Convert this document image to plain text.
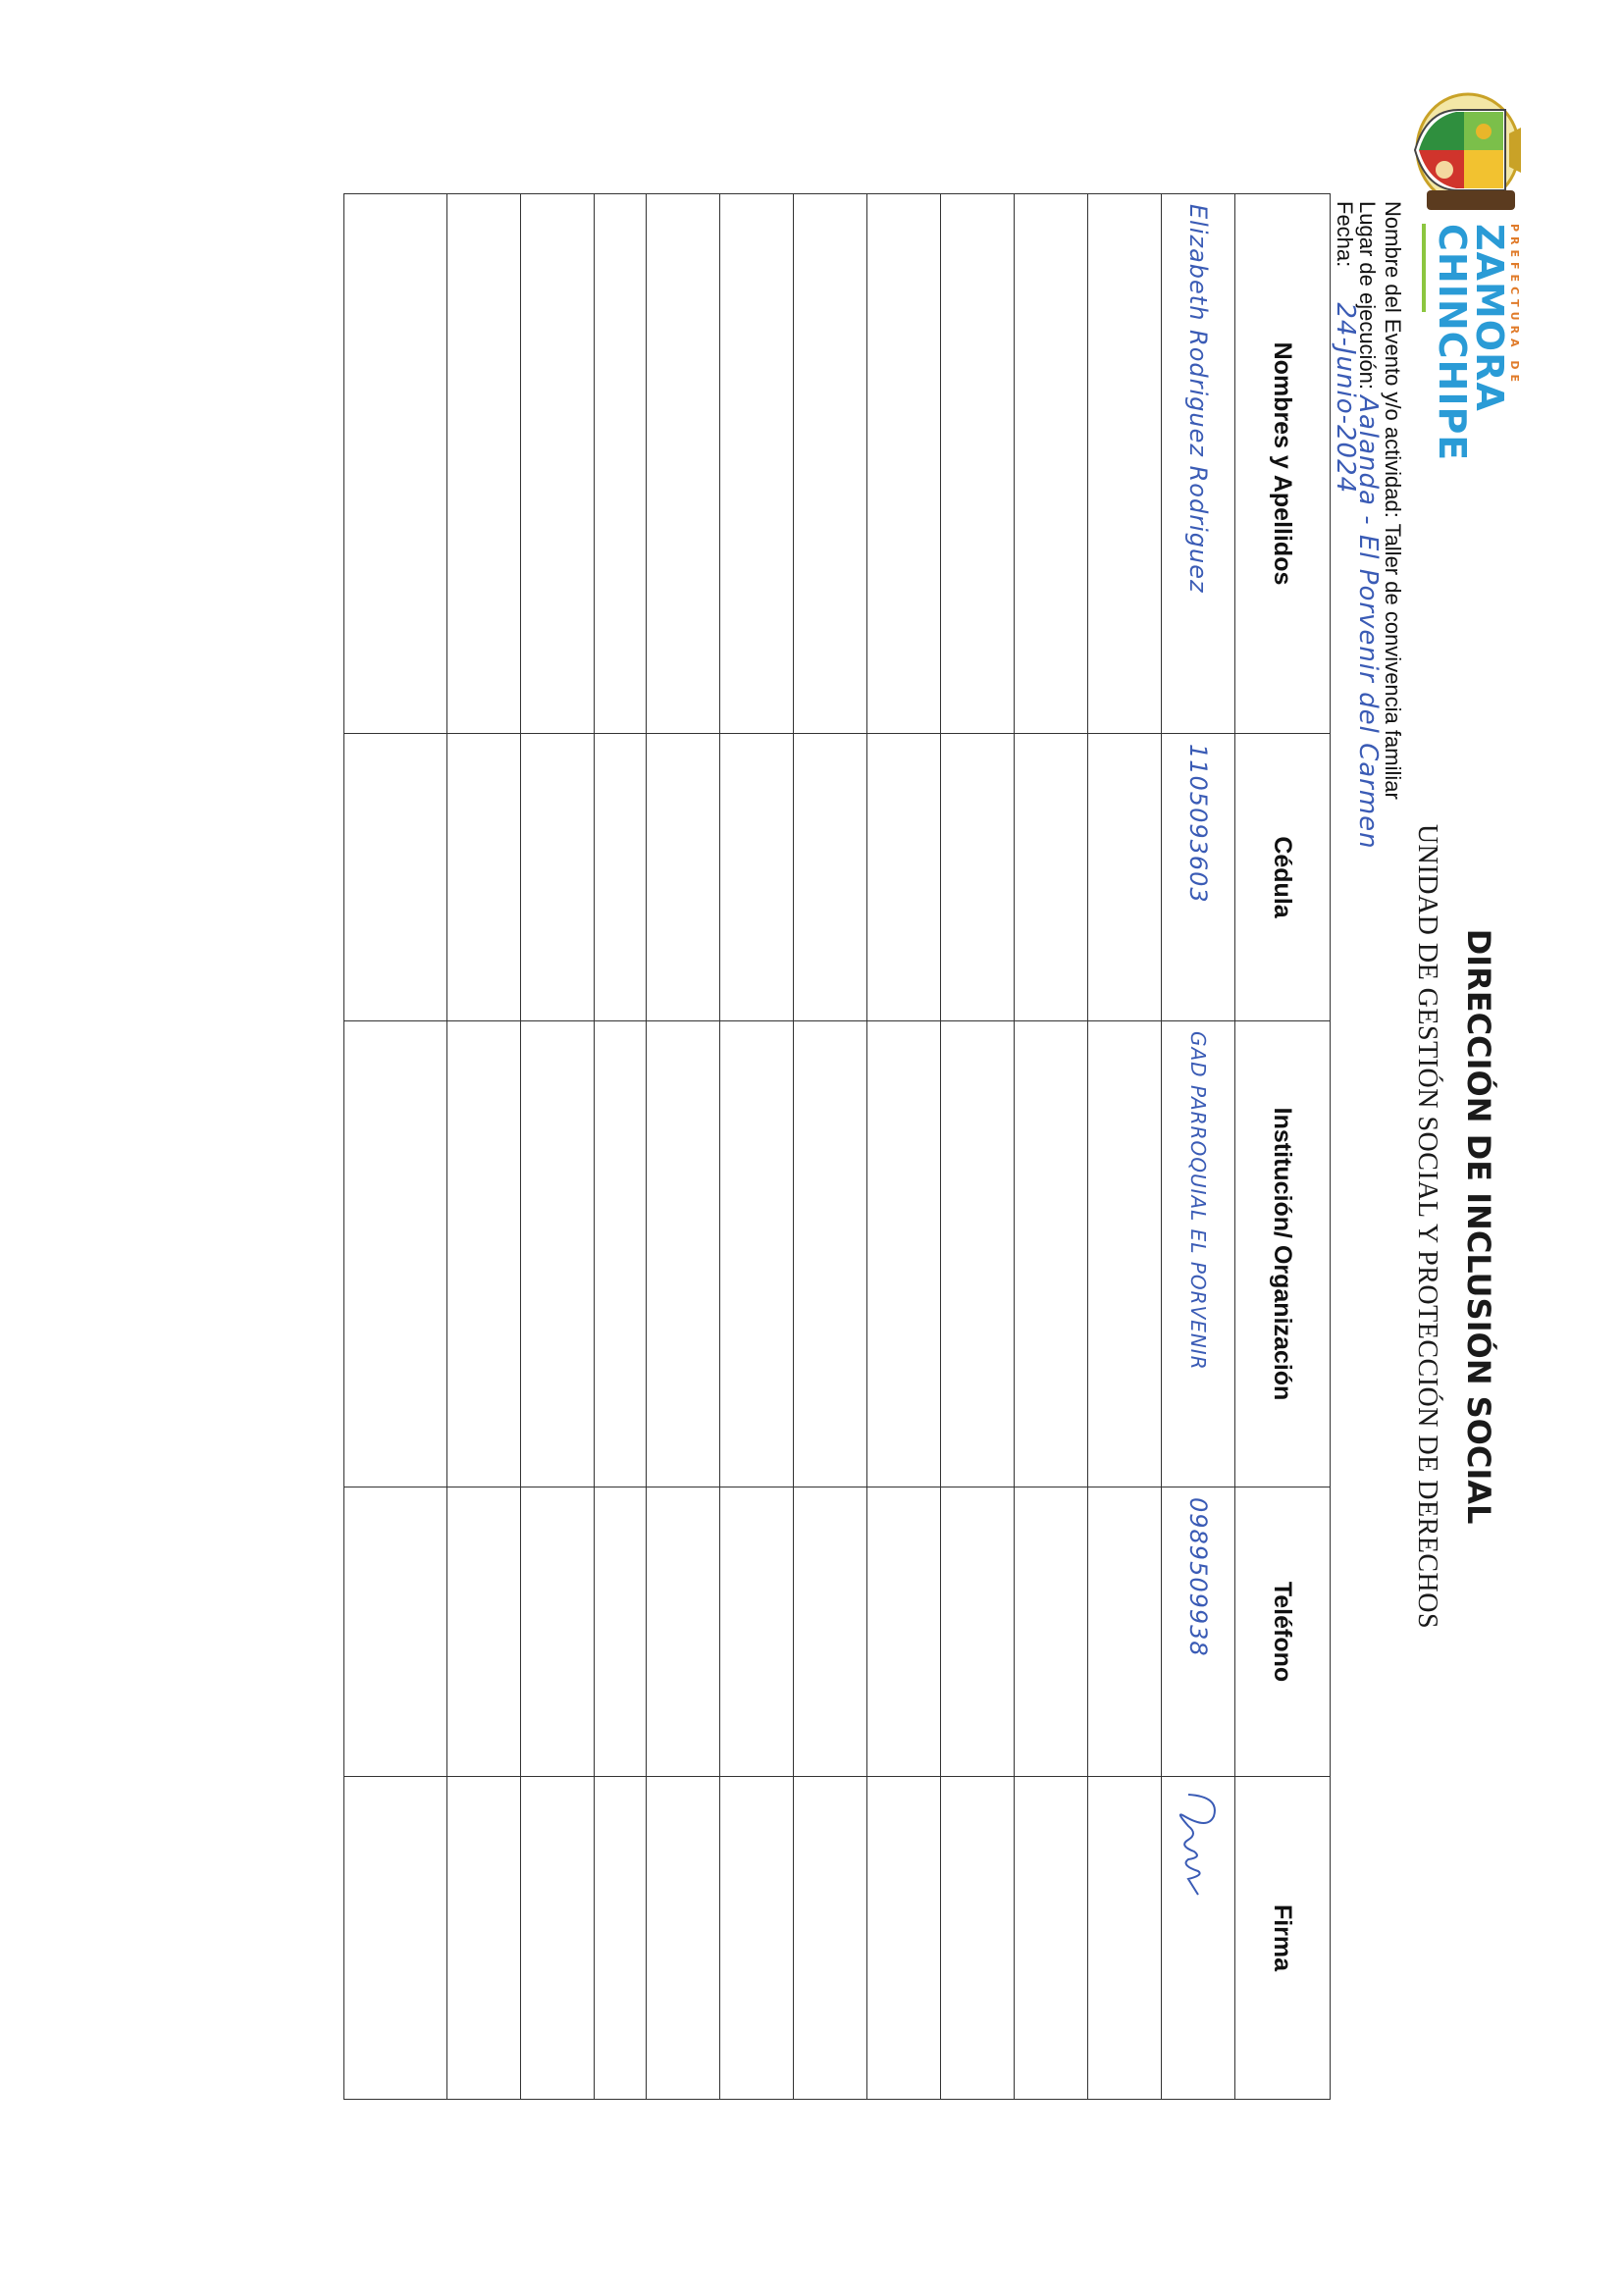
PREFECTURA DE
ZAMORA
CHINCHIPE
DIRECCIÓN DE INCLUSIÓN SOCIAL
UNIDAD DE GESTIÓN SOCIAL Y PROTECCIÓN DE DERECHOS
Nombre del Evento y/o actividad: Taller de convivencia familiar
Lugar de ejecución: Aalanda - El Porvenir del Carmen
Fecha: 24-Junio-2024
Nombres y Apellidos	Cédula	Institución/ Organización	Teléfono	Firma
Elizabeth Rodriguez Rodriguez	1105093603	GAD PARROQUIAL EL PORVENIR	0989509938	
